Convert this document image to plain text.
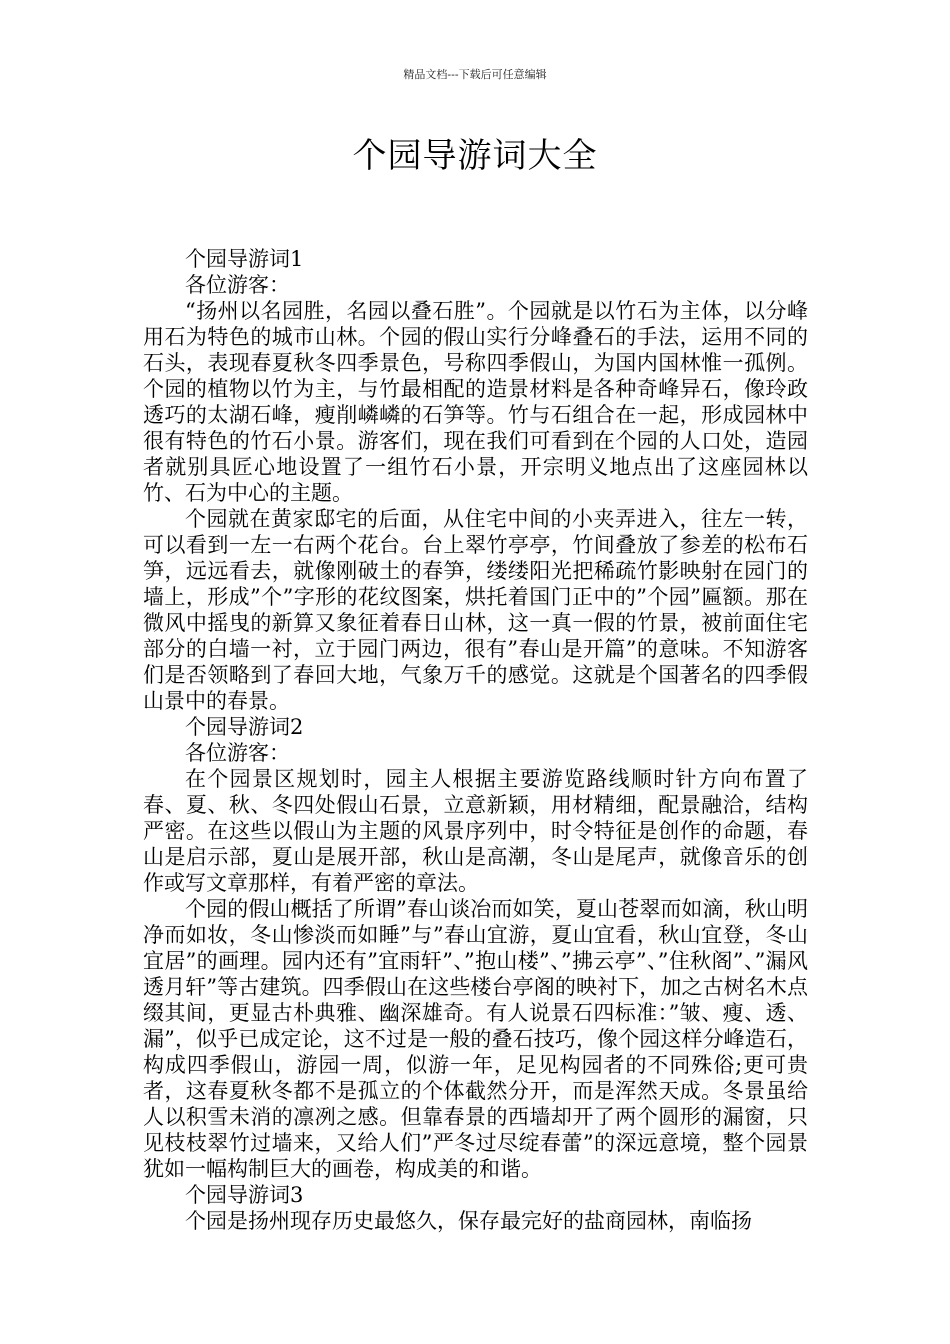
精品文档---下载后可任意编辑
个园导游词大全

个园导游词1

各位游客：

“扬州以名园胜，名园以叠石胜”。个园就是以竹石为主体，以分峰用石为特色的城市山林。个园的假山实行分峰叠石的手法，运用不同的石头，表现春夏秋冬四季景色，号称四季假山，为国内国林惟一孤例。个园的植物以竹为主，与竹最相配的造景材料是各种奇峰异石，像玲政透巧的太湖石峰，瘦削嶙嶙的石笋等。竹与石组合在一起，形成园林中很有特色的竹石小景。游客们，现在我们可看到在个园的人口处，造园者就别具匠心地设置了一组竹石小景，开宗明义地点出了这座园林以竹、石为中心的主题。

个园就在黄家邸宅的后面，从住宅中间的小夹弄进入，往左一转，可以看到一左一右两个花台。台上翠竹亭亭，竹间叠放了参差的松布石笋，远远看去，就像刚破土的春笋，缕缕阳光把稀疏竹影映射在园门的墙上，形成”个”字形的花纹图案，烘托着国门正中的”个园”匾额。那在微风中摇曳的新算又象征着春日山林，这一真一假的竹景，被前面住宅部分的白墙一衬，立于园门两边，很有”春山是开篇”的意味。不知游客们是否领略到了春回大地，气象万千的感觉。这就是个国著名的四季假山景中的春景。

个园导游词2

各位游客：

在个园景区规划时，园主人根据主要游览路线顺时针方向布置了春、夏、秋、冬四处假山石景，立意新颖，用材精细，配景融洽，结构严密。在这些以假山为主题的风景序列中，时令特征是创作的命题，春山是启示部，夏山是展开部，秋山是高潮，冬山是尾声，就像音乐的创作或写文章那样，有着严密的章法。

个园的假山概括了所谓”春山谈冶而如笑，夏山苍翠而如滴，秋山明净而如妆，冬山惨淡而如睡”与”春山宜游，夏山宜看，秋山宜登，冬山宜居”的画理。园内还有”宜雨轩”、”抱山楼”、”拂云亭”、”住秋阁”、”漏风透月轩”等古建筑。四季假山在这些楼台亭阁的映衬下，加之古树名木点缀其间，更显古朴典雅、幽深雄奇。有人说景石四标准：”皱、瘦、透、漏”，似乎已成定论，这不过是一般的叠石技巧，像个园这样分峰造石，构成四季假山，游园一周，似游一年，足见构园者的不同殊俗;更可贵者，这春夏秋冬都不是孤立的个体截然分开，而是浑然天成。冬景虽给人以积雪未消的凛冽之感。但靠春景的西墙却开了两个圆形的漏窗，只见枝枝翠竹过墙来，又给人们”严冬过尽绽春蕾”的深远意境，整个园景犹如一幅构制巨大的画卷，构成美的和谐。

个园导游词3

个园是扬州现存历史最悠久，保存最完好的盐商园林，南临扬
